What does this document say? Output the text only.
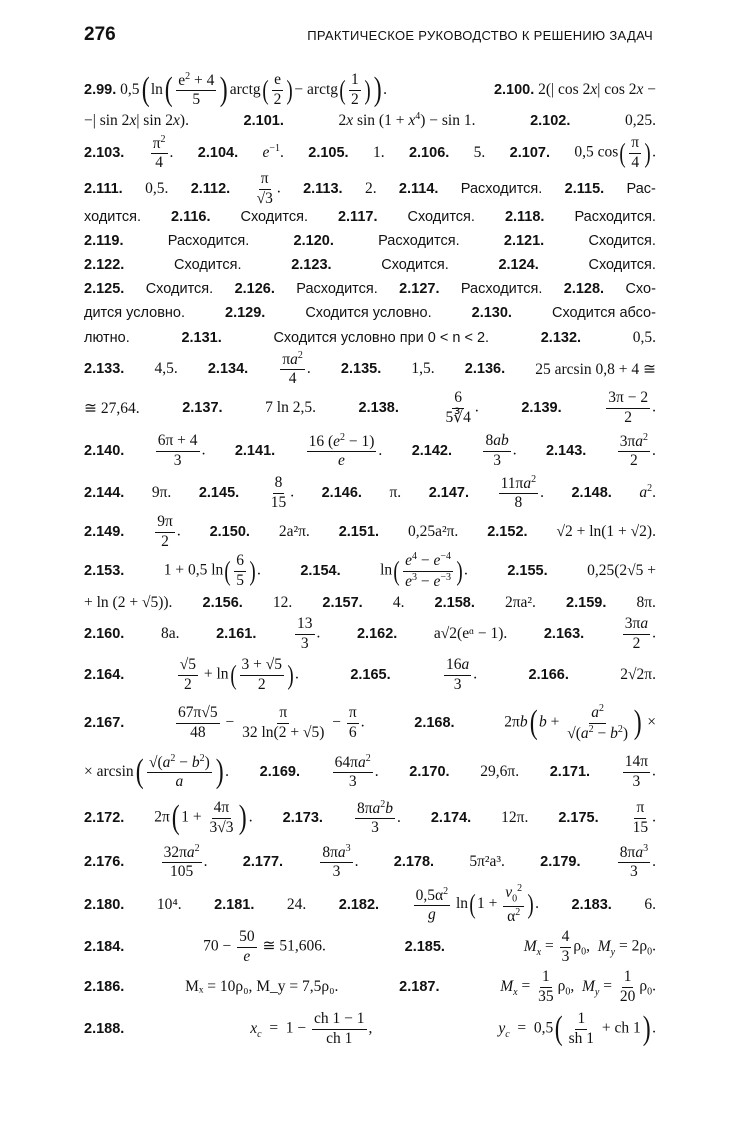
276	ПРАКТИЧЕСКОЕ РУКОВОДСТВО К РЕШЕНИЮ ЗАДАЧ
2.99. 0,5( $\ln( \frac{e^2 + 4}{5}$ ) arctg( $\frac{e}{2}$ )− arctg( $\frac{1}{2}$ )) .	2.100. 2(| cos 2x| cos 2x −
−| sin 2x| sin 2x).	2.101.	2x $\sin (1 + x^4) - \sin 1$.	2.102.	0,25.
2.103. $\frac{\pi^2}{4}$ . 2.104. $e^{-1}$. 2.105. 1. 2.106. 5. 2.107. 0,5 $\cos( \frac{\pi}{4}$ ).
2.111. 0,5. 2.112. $\frac{\pi}{√3}$ . 2.113. 2. 2.114. Расходится. 2.115. Рас-
ходится. 2.116. Сходится. 2.117. Сходится. 2.118. Расходится.
2.119.	Расходится.	2.120.	Расходится.	2.121.	Сходится.
2.122.	Сходится.	2.123.	Сходится.	2.124.	Сходится.
2.125. Сходится. 2.126. Расходится. 2.127. Расходится. 2.128. Схо-
дится условно.	2.129.	Сходится условно.	2.130.	Сходится абсо-
лютно.	2.131.	Сходится условно при 0 < n < 2.	2.132.	0,5.
2.133. 4,5. 2.134. $\frac{\pi a^2}{4}$ . 2.135. 1,5. 2.136. 25 arcsin 0,8 + 4 ≅
≅ 27,64.	2.137.	7 ln 2,5.	2.138.	$\frac{6}{5∛4}$ .	2.139.	$\frac{3\pi - 2}{2}$ .
2.140. $\frac{6\pi + 4}{3}$ . 2.141. $\frac{16 (e^2 - 1)}{e}$ . 2.142. $\frac{8ab}{3}$ . 2.143. $\frac{3\pi a^2}{2}$ .
2.144. 9π. 2.145. $\frac{8}{15}$ . 2.146. π. 2.147. $\frac{11\pi a^2}{8}$ . 2.148. $a^2$.
2.149. $\frac{9\pi}{2}$ . 2.150. 2a²π. 2.151. 0,25a²π. 2.152. √2 + ln(1 + √2).
2.153.	1 + 0,5 $\ln( \frac{6}{5}$ ).	2.154.	$\ln( \frac{e^4 - e^{-4}}{e^3 - e^{-3}}$ ).	2.155.	0,25(2√5 +
+ ln (2 + √5)). 2.156. 12. 2.157. 4. 2.158. 2πa². 2.159. 8π.
2.160. 8a.	2.161. $\frac{13}{3}$ .	2.162. a√2(eᵅ − 1).	2.163. $\frac{3\pi a}{2}$ .
2.164.	$\frac{√5}{2} + \ln( \frac{3 + √5}{2}$ ).	2.165.	$\frac{16a}{3}$ .	2.166.	2√2π.
2.167.	$\frac{67\pi√5}{48} - \frac{\pi}{32 \ln(2 + √5)} - \frac{\pi}{6}$ .	2.168.	2πb( $b + \frac{a^2}{√(a^2 - b^2)}$ ) ×
× $\arcsin( \frac{√(a^2 - b^2)}{a}$ ) . 2.169. $\frac{64\pi a^2}{3}$ . 2.170. 29,6π. 2.171. $\frac{14\pi}{3}$ .
2.172. 2π( $1 + \frac{4\pi}{3√3}$ ) . 2.173. $\frac{8\pi a^2b}{3}$ . 2.174. 12π. 2.175. $\frac{\pi}{15}$ .
2.176. $\frac{32\pi a^2}{105}$ . 2.177. $\frac{8\pi a^3}{3}$ . 2.178. 5π²a³. 2.179. $\frac{8\pi a^3}{3}$ .
2.180. 10⁴. 2.181. 24. 2.182. $\frac{0,5\alpha^2}{g} \ln(1 + \frac{v_0^2}{\alpha^2}$ ). 2.183. 6.
2.184.	$70 - \frac{50}{e}$ ≅ 51,606.	2.185.	$M_x = \frac{4}{3} \rho_0$,  $M_y = 2\rho_0$.
2.186.	Mₓ = 10ρ₀, M_y = 7,5ρ₀.	2.187.	$M_x = \frac{1}{35} \rho_0$,  $M_y = \frac{1}{20} \rho_0$.
2.188.	$x_c = 1 - \frac{ch 1 - 1}{ch 1}$ ,	$y_c = 0,5( \frac{1}{sh 1}$ + ch 1) .
